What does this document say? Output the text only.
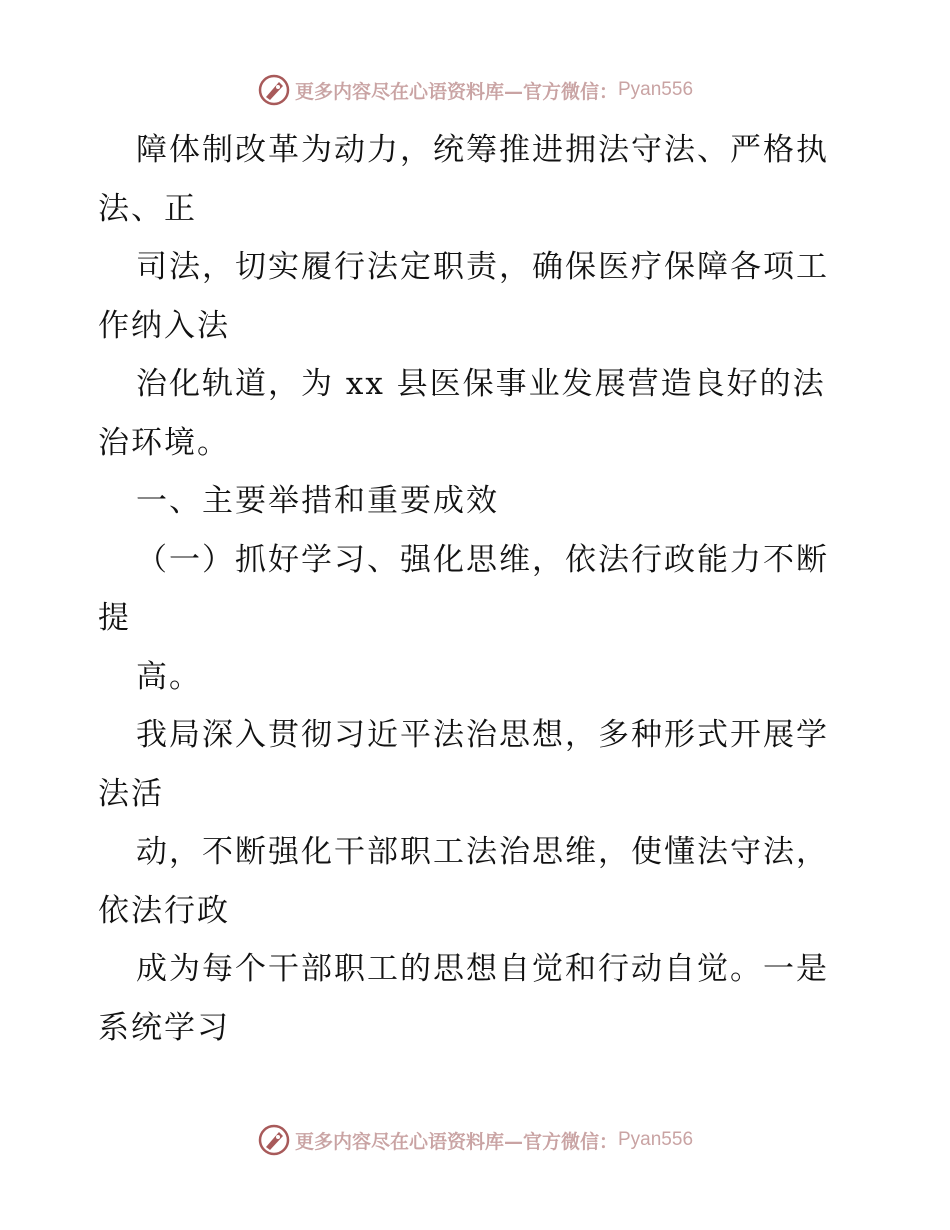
更多内容尽在心语资料库—官方微信： Pyan556
障体制改革为动力，统筹推进拥法守法、严格执
法、正
司法，切实履行法定职责，确保医疗保障各项工
作纳入法
治化轨道，为 xx 县医保事业发展营造良好的法
治环境。
一、主要举措和重要成效
（一）抓好学习、强化思维，依法行政能力不断
提
高。
我局深入贯彻习近平法治思想，多种形式开展学
法活
动，不断强化干部职工法治思维，使懂法守法，
依法行政
成为每个干部职工的思想自觉和行动自觉。一是
系统学习
更多内容尽在心语资料库—官方微信： Pyan556
